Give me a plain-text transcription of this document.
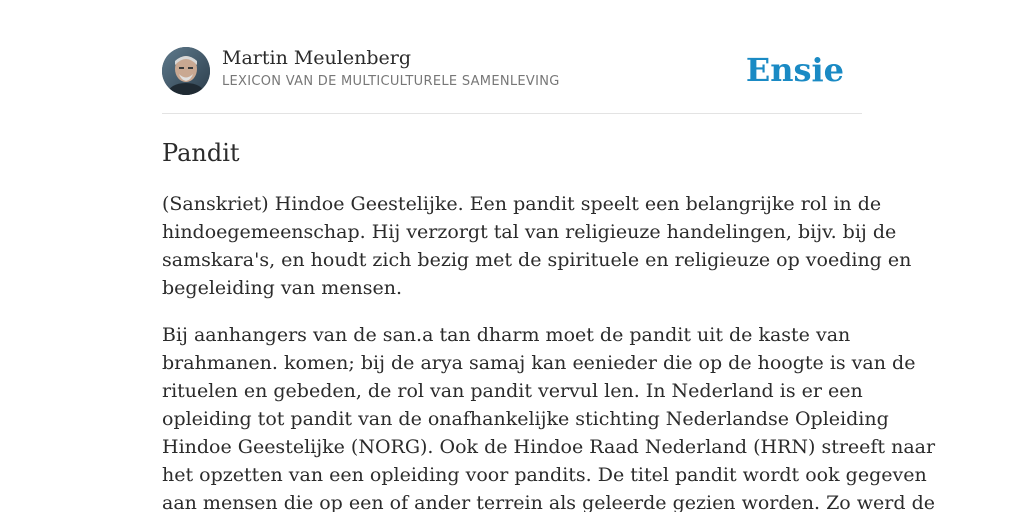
Martin Meulenberg
LEXICON VAN DE MULTICULTURELE SAMENLEVING	Ensie
Pandit
(Sanskriet) Hindoe Geestelijke. Een pandit speelt een belangrijke rol in de
hindoegemeenschap. Hij verzorgt tal van religieuze handelingen, bijv. bij de
samskara's, en houdt zich bezig met de spirituele en religieuze op voeding en
begeleiding van mensen.
Bij aanhangers van de san.a tan dharm moet de pandit uit de kaste van
brahmanen. komen; bij de arya samaj kan eenieder die op de hoogte is van de
rituelen en gebeden, de rol van pandit vervul len. In Nederland is er een
opleiding tot pandit van de onafhankelijke stichting Nederlandse Opleiding
Hindoe Geestelijke (NORG). Ook de Hindoe Raad Nederland (HRN) streeft naar
het opzetten van een opleiding voor pandits. De titel pandit wordt ook gegeven
aan mensen die op een of ander terrein als geleerde gezien worden. Zo werd de
